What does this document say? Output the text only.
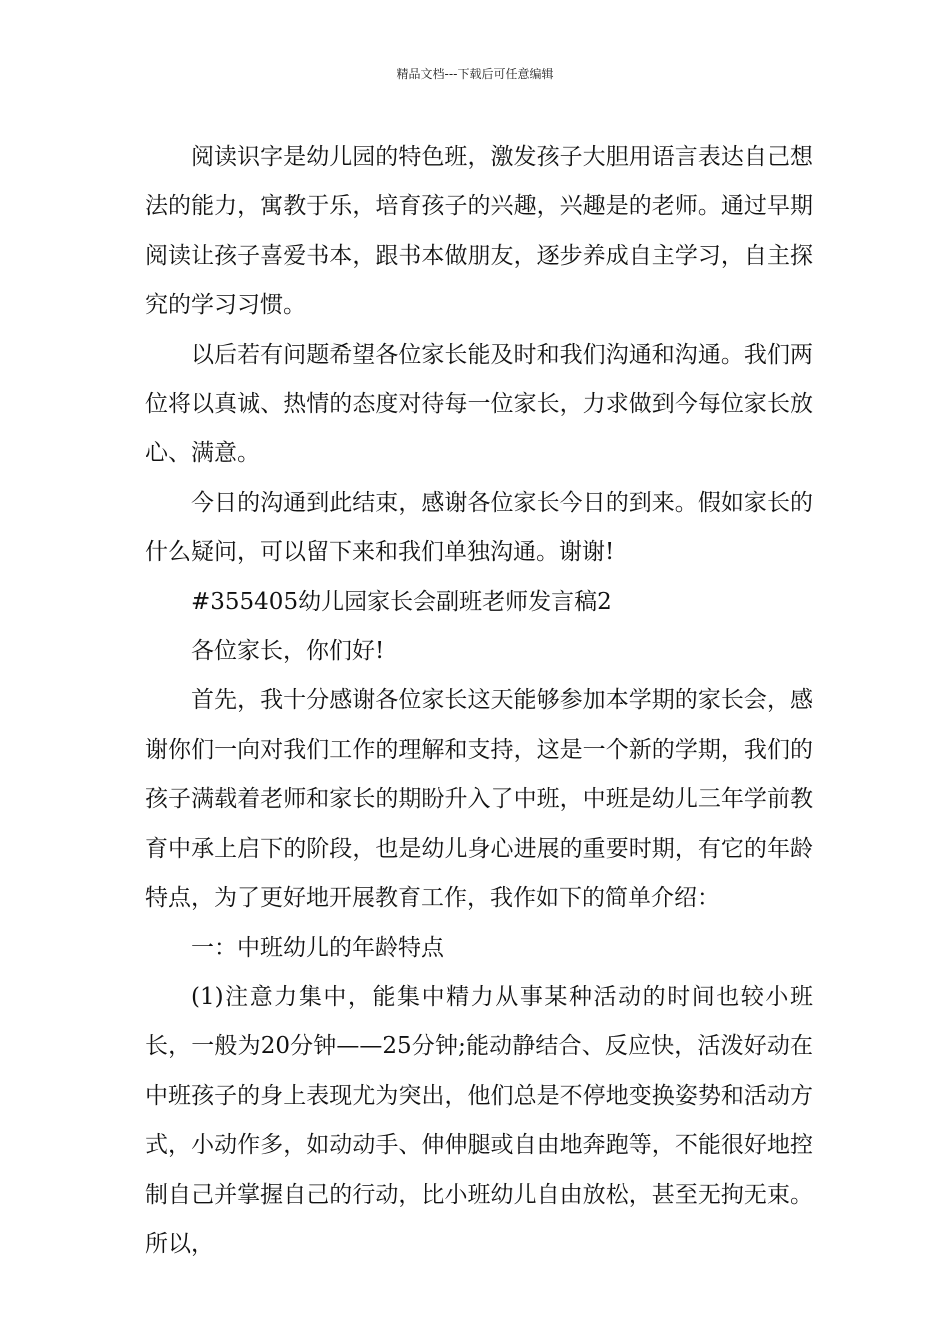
精品文档---下载后可任意编辑

阅读识字是幼儿园的特色班，激发孩子大胆用语言表达自己想法的能力，寓教于乐，培育孩子的兴趣，兴趣是的老师。通过早期阅读让孩子喜爱书本，跟书本做朋友，逐步养成自主学习，自主探究的学习习惯。

以后若有问题希望各位家长能及时和我们沟通和沟通。我们两位将以真诚、热情的态度对待每一位家长，力求做到今每位家长放心、满意。

今日的沟通到此结束，感谢各位家长今日的到来。假如家长的什么疑问，可以留下来和我们单独沟通。谢谢!

#355405幼儿园家长会副班老师发言稿2

各位家长，你们好!

首先，我十分感谢各位家长这天能够参加本学期的家长会，感谢你们一向对我们工作的理解和支持，这是一个新的学期，我们的孩子满载着老师和家长的期盼升入了中班，中班是幼儿三年学前教育中承上启下的阶段，也是幼儿身心进展的重要时期，有它的年龄特点，为了更好地开展教育工作，我作如下的简单介绍：

一：中班幼儿的年龄特点

(1)注意力集中，能集中精力从事某种活动的时间也较小班长，一般为20分钟——25分钟;能动静结合、反应快，活泼好动在中班孩子的身上表现尤为突出，他们总是不停地变换姿势和活动方式，小动作多，如动动手、伸伸腿或自由地奔跑等，不能很好地控制自己并掌握自己的行动，比小班幼儿自由放松，甚至无拘无束。所以，
